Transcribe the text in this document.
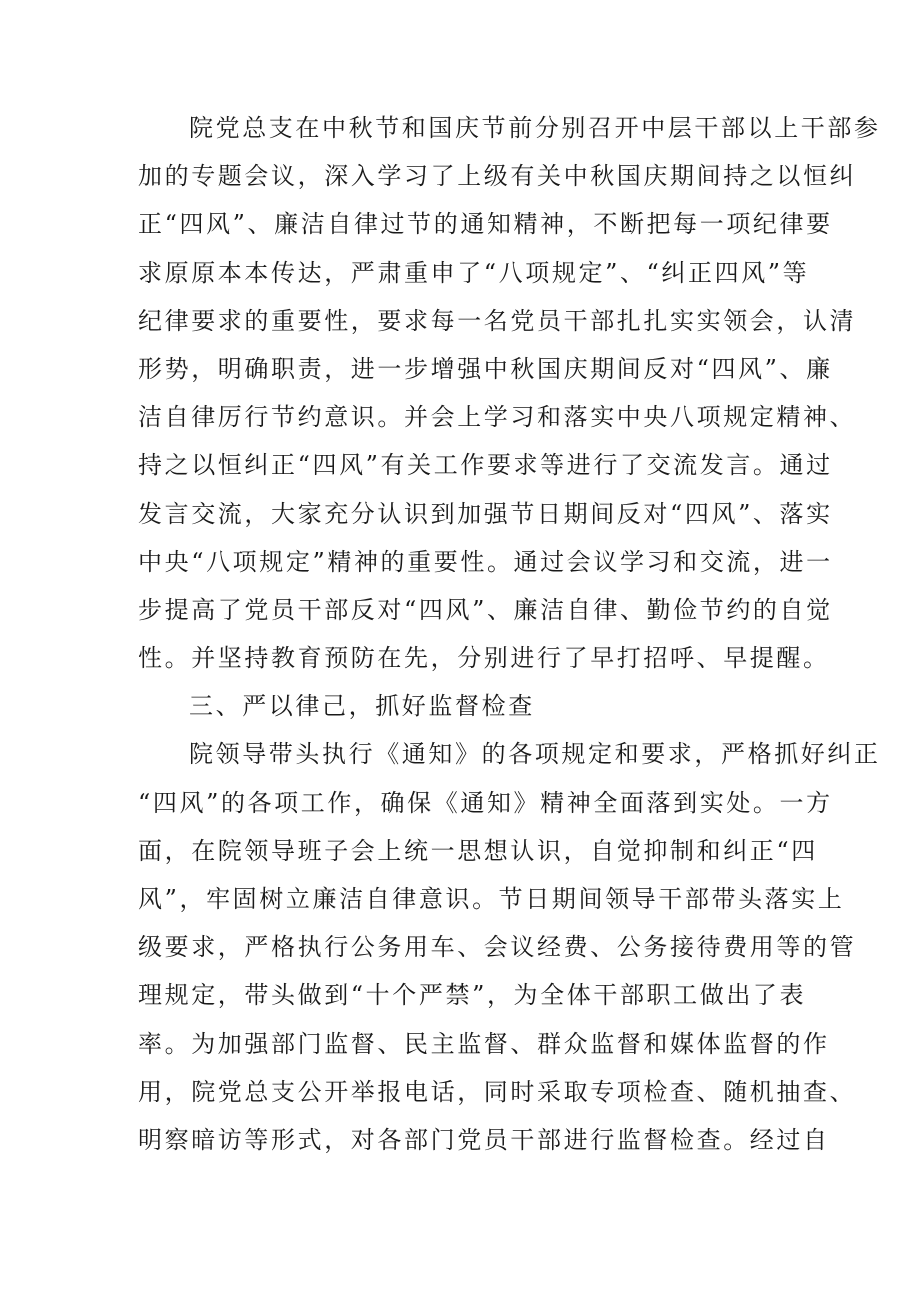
院党总支在中秋节和国庆节前分别召开中层干部以上干部参
加的专题会议，深入学习了上级有关中秋国庆期间持之以恒纠
正“四风”、廉洁自律过节的通知精神，不断把每一项纪律要
求原原本本传达，严肃重申了“八项规定”、“纠正四风”等
纪律要求的重要性，要求每一名党员干部扎扎实实领会，认清
形势，明确职责，进一步增强中秋国庆期间反对“四风”、廉
洁自律厉行节约意识。并会上学习和落实中央八项规定精神、
持之以恒纠正“四风”有关工作要求等进行了交流发言。通过
发言交流，大家充分认识到加强节日期间反对“四风”、落实
中央“八项规定”精神的重要性。通过会议学习和交流，进一
步提高了党员干部反对“四风”、廉洁自律、勤俭节约的自觉
性。并坚持教育预防在先，分别进行了早打招呼、早提醒。
三、严以律己，抓好监督检查
院领导带头执行《通知》的各项规定和要求，严格抓好纠正
“四风”的各项工作，确保《通知》精神全面落到实处。一方
面，在院领导班子会上统一思想认识，自觉抑制和纠正“四
风”，牢固树立廉洁自律意识。节日期间领导干部带头落实上
级要求，严格执行公务用车、会议经费、公务接待费用等的管
理规定，带头做到“十个严禁”，为全体干部职工做出了表
率。为加强部门监督、民主监督、群众监督和媒体监督的作
用，院党总支公开举报电话，同时采取专项检查、随机抽查、
明察暗访等形式，对各部门党员干部进行监督检查。经过自
